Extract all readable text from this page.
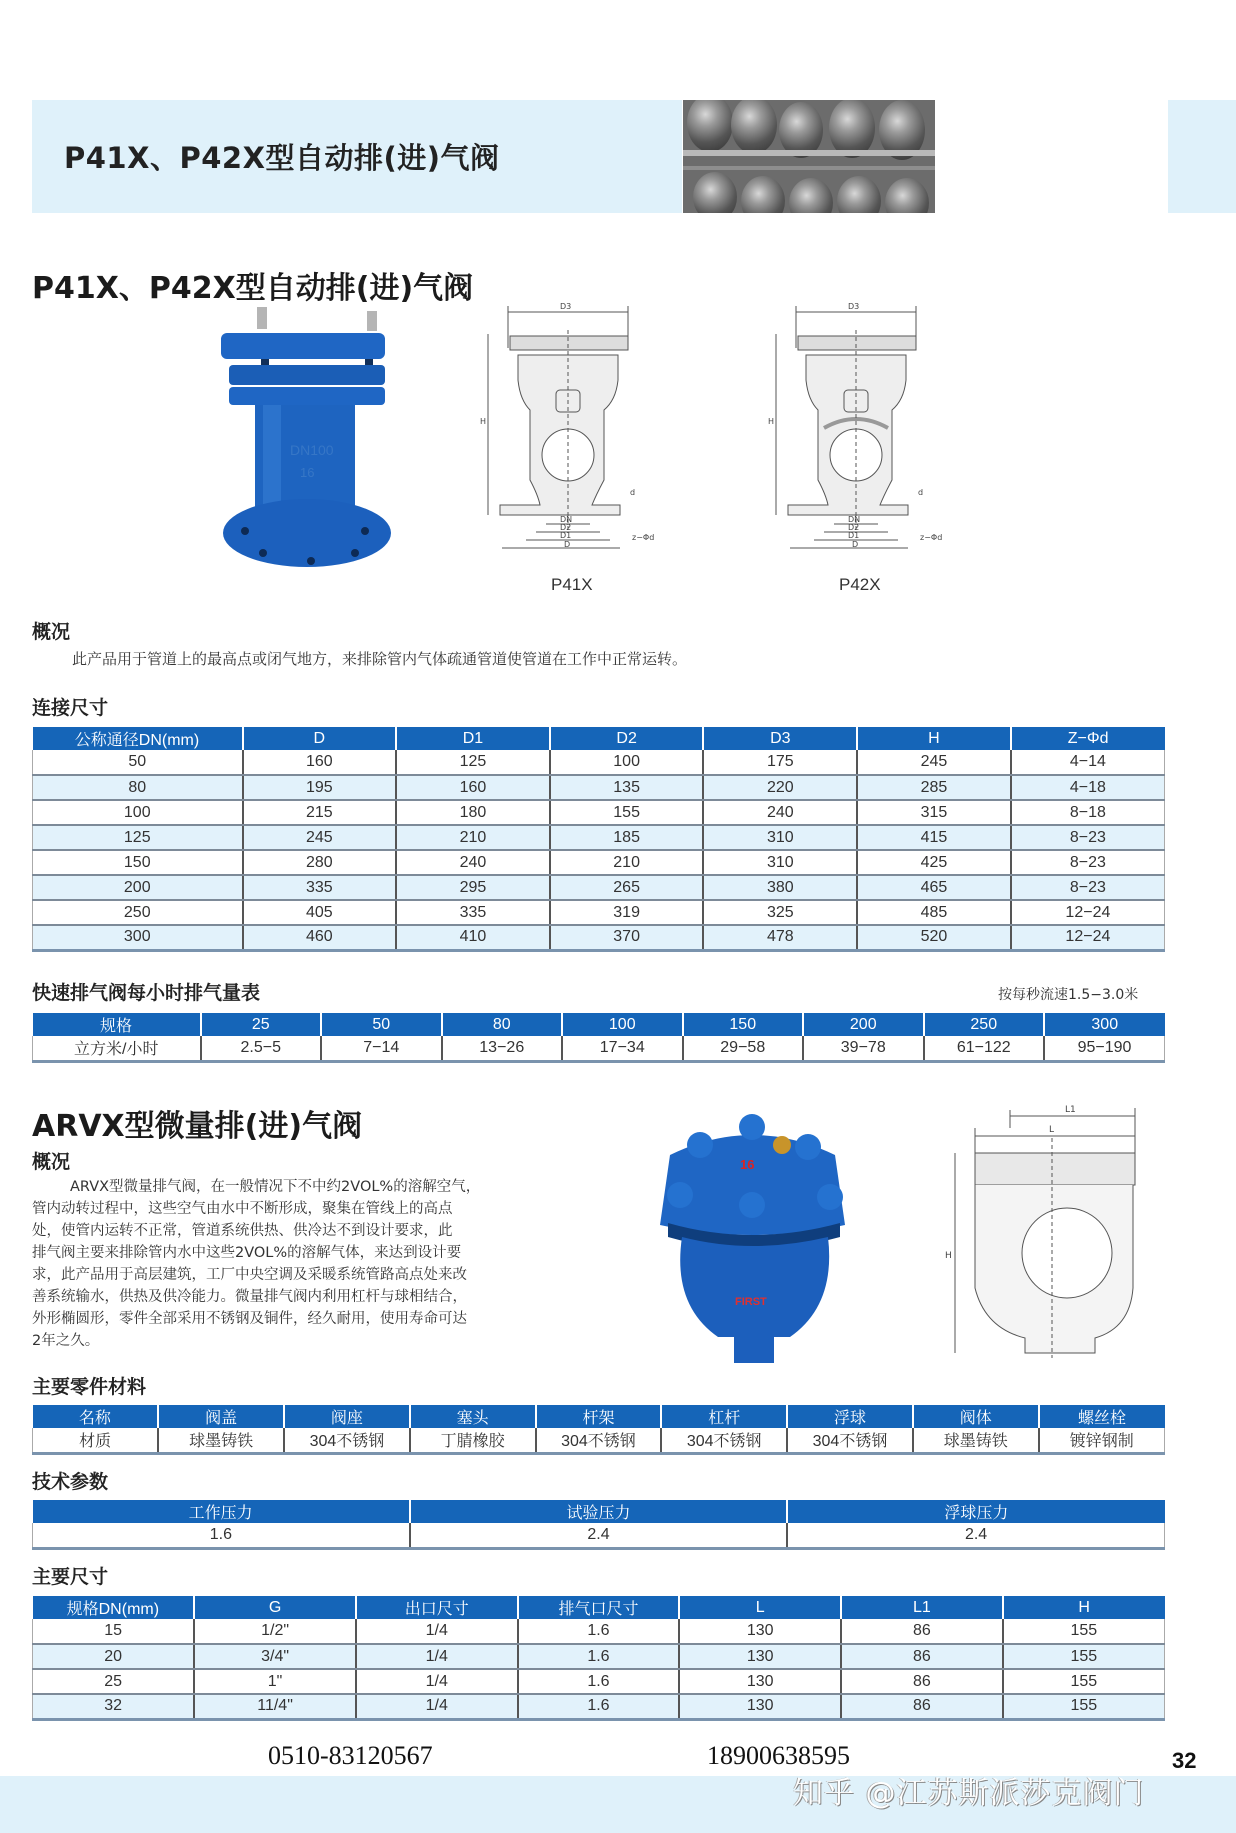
P41X、P42X型自动排(进)气阀
P41X、P42X型自动排(进)气阀
DN100
16
D3
H
d
z−Φd
DN
D2
D1
D
P41X
D3
H
d
z−Φd
DN
D2
D1
D
P42X
概况
此产品用于管道上的最高点或闭气地方，来排除管内气体疏通管道使管道在工作中正常运转。
连接尺寸
公称通径DN(mm)	D	D1	D2	D3	H	Z−Φd
50	160	125	100	175	245	4−14
80	195	160	135	220	285	4−18
100	215	180	155	240	315	8−18
125	245	210	185	310	415	8−23
150	280	240	210	310	425	8−23
200	335	295	265	380	465	8−23
250	405	335	319	325	485	12−24
300	460	410	370	478	520	12−24
快速排气阀每小时排气量表	按每秒流速1.5−3.0米
规格	25	50	80	100	150	200	250	300
立方米/小时	2.5−5	7−14	13−26	17−34	29−58	39−78	61−122	95−190
ARVX型微量排(进)气阀
概况
ARVX型微量排气阀，在一般情况下不中约2VOL%的溶解空气，
管内动转过程中，这些空气由水中不断形成，聚集在管线上的高点
处，使管内运转不正常，管道系统供热、供冷达不到设计要求，此
排气阀主要来排除管内水中这些2VOL%的溶解气体，来达到设计要
求，此产品用于高层建筑，工厂中央空调及采暖系统管路高点处来改
善系统输水，供热及供冷能力。微量排气阀内利用杠杆与球相结合，
外形椭圆形，零件全部采用不锈钢及铜件，经久耐用，使用寿命可达
2年之久。
16
FIRST
L1
L
H
主要零件材料
名称	阀盖	阀座	塞头	杆架	杠杆	浮球	阀体	螺丝栓
材质	球墨铸铁	304不锈钢	丁腈橡胶	304不锈钢	304不锈钢	304不锈钢	球墨铸铁	镀锌钢制
技术参数
工作压力	试验压力	浮球压力
1.6	2.4	2.4
主要尺寸
规格DN(mm)	G	出口尺寸	排气口尺寸	L	L1	H
15	1/2"	1/4	1.6	130	86	155
20	3/4"	1/4	1.6	130	86	155
25	1"	1/4	1.6	130	86	155
32	11/4"	1/4	1.6	130	86	155
0510-83120567	18900638595	32
知乎 @江苏斯派莎克阀门
